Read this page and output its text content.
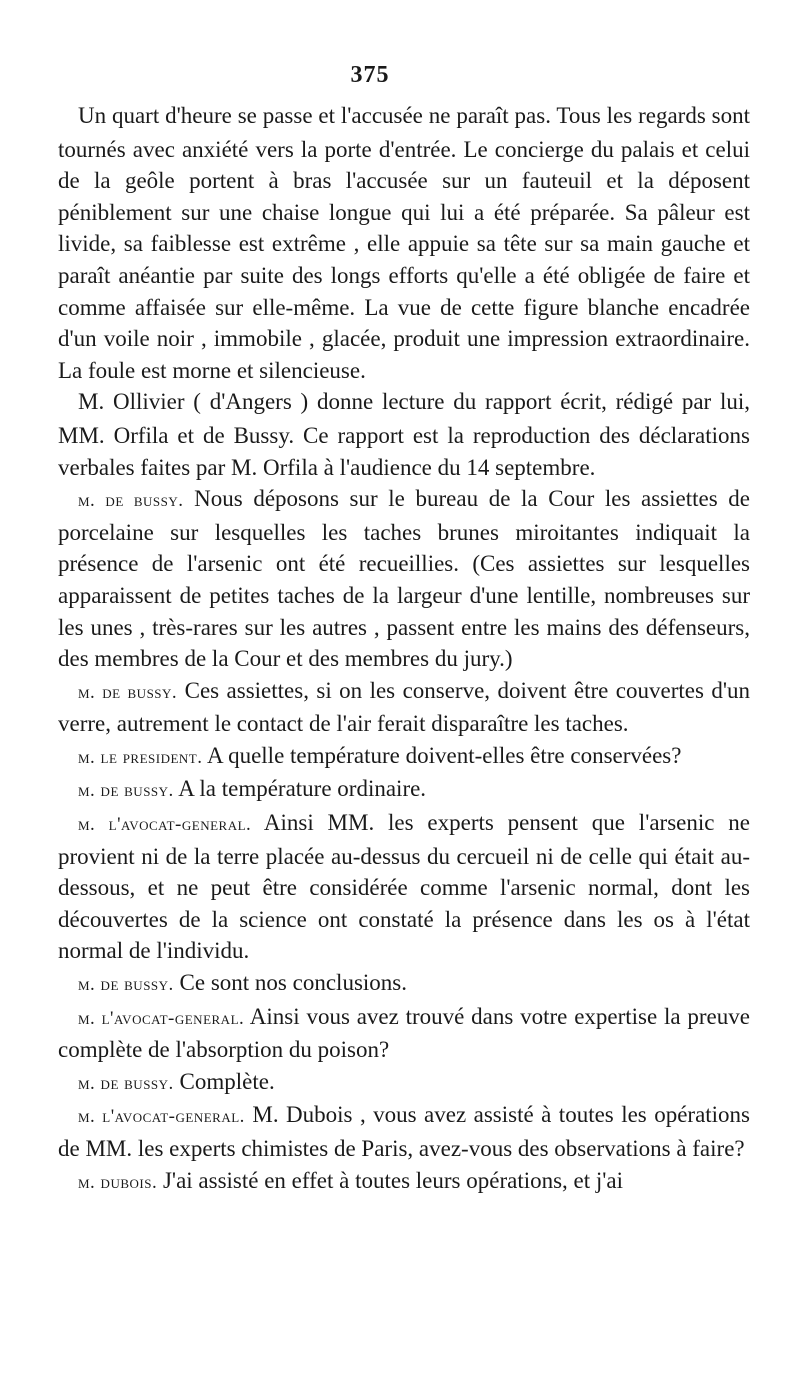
375

Un quart d'heure se passe et l'accusée ne paraît pas. Tous les regards sont tournés avec anxiété vers la porte d'entrée. Le concierge du palais et celui de la geôle portent à bras l'accusée sur un fauteuil et la déposent péniblement sur une chaise longue qui lui a été préparée. Sa pâleur est livide, sa faiblesse est extrême , elle appuie sa tête sur sa main gauche et paraît anéantie par suite des longs efforts qu'elle a été obligée de faire et comme affaisée sur elle-même. La vue de cette figure blanche encadrée d'un voile noir , immobile , glacée, produit une impression extraordinaire. La foule est morne et silencieuse.

M. Ollivier ( d'Angers ) donne lecture du rapport écrit, rédigé par lui, MM. Orfila et de Bussy. Ce rapport est la reproduction des déclarations verbales faites par M. Orfila à l'audience du 14 septembre.

m. de bussy. Nous déposons sur le bureau de la Cour les assiettes de porcelaine sur lesquelles les taches brunes miroitantes indiquait la présence de l'arsenic ont été recueillies. (Ces assiettes sur lesquelles apparaissent de petites taches de la largeur d'une lentille, nombreuses sur les unes , très-rares sur les autres , passent entre les mains des défenseurs, des membres de la Cour et des membres du jury.)

m. de bussy. Ces assiettes, si on les conserve, doivent être couvertes d'un verre, autrement le contact de l'air ferait disparaître les taches.

m. le president. A quelle température doivent-elles être conservées?

m. de bussy. A la température ordinaire.

m. l'avocat-general. Ainsi MM. les experts pensent que l'arsenic ne provient ni de la terre placée au-dessus du cercueil ni de celle qui était au-dessous, et ne peut être considérée comme l'arsenic normal, dont les découvertes de la science ont constaté la présence dans les os à l'état normal de l'individu.

m. de bussy. Ce sont nos conclusions.

m. l'avocat-general. Ainsi vous avez trouvé dans votre expertise la preuve complète de l'absorption du poison?

m. de bussy. Complète.

m. l'avocat-general. M. Dubois , vous avez assisté à toutes les opérations de MM. les experts chimistes de Paris, avez-vous des observations à faire?

m. dubois. J'ai assisté en effet à toutes leurs opérations, et j'ai
